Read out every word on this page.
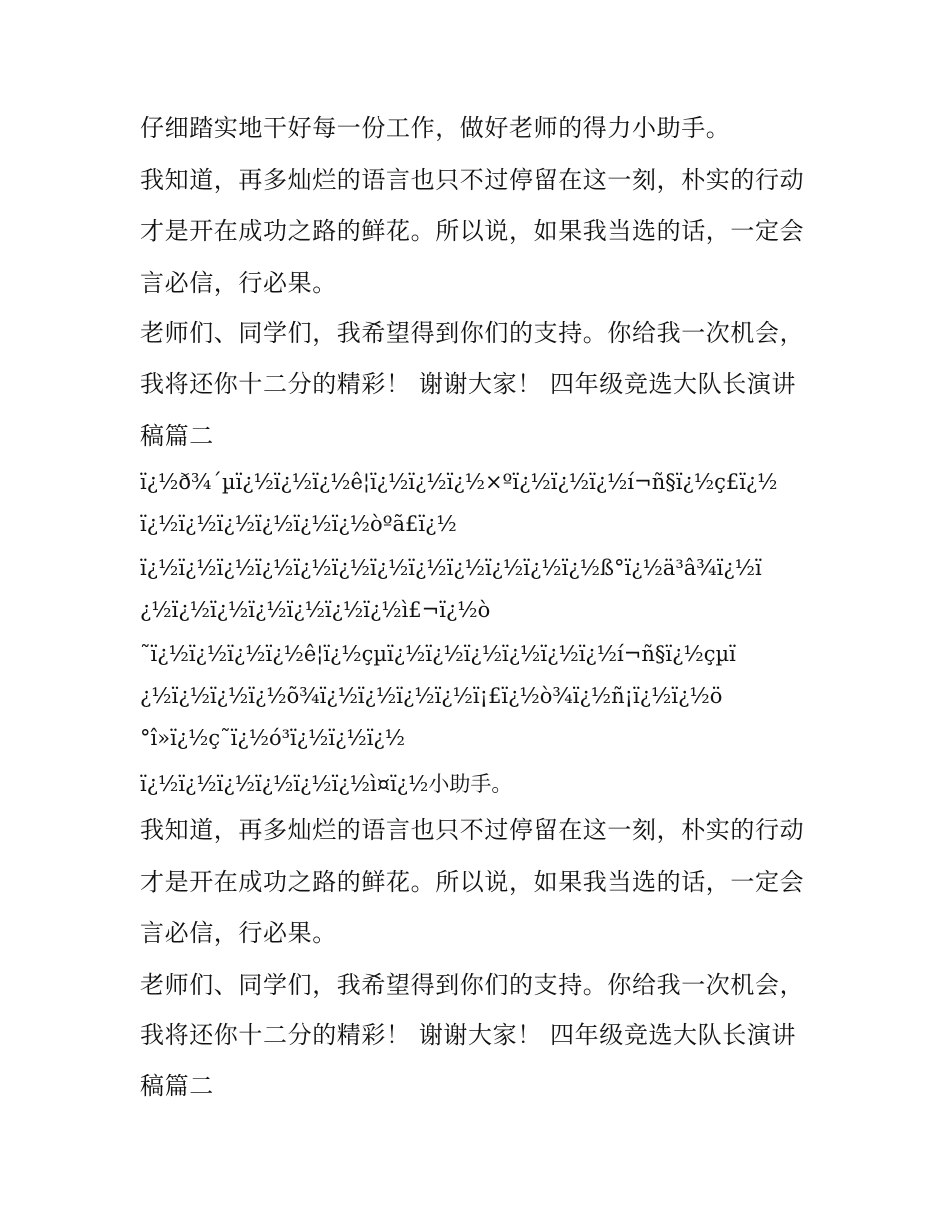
仔细踏实地干好每一份工作，做好老师的得力小助手。
我知道，再多灿烂的语言也只不过停留在这一刻，朴实的行动
才是开在成功之路的鲜花。所以说，如果我当选的话，一定会
言必信，行必果。
老师们、同学们，我希望得到你们的支持。你给我一次机会，
我将还你十二分的精彩！ 谢谢大家！ 四年级竞选大队长演讲
稿篇二
ï¿½ð¾´µï¿½ï¿½ï¿½ê¦ï¿½ï¿½ï¿½×ºï¿½ï¿½ï¿½í¬ñ§ï¿½ç£ï¿½
ï¿½ï¿½ï¿½ï¿½ï¿½ï¿½òºã£ï¿½
ï¿½ï¿½ï¿½ï¿½ï¿½ï¿½ï¿½ï¿½ï¿½ï¿½ï¿½ï¿½ß°ï¿½ä³â¾ï¿½ï
¿½ï¿½ï¿½ï¿½ï¿½ï¿½ï¿½ì£¬ï¿½ò
˜ï¿½ï¿½ï¿½ï¿½ê¦ï¿½çµï¿½ï¿½ï¿½ï¿½ï¿½ï¿½í¬ñ§ï¿½çµï
¿½ï¿½ï¿½ï¿½õ¾ï¿½ï¿½ï¿½ï¿½ï¡£ï¿½ò¾ï¿½ñ¡ï¿½ï¿½ö
°î»ï¿½ç˜ï¿½ó³ï¿½ï¿½ï¿½
ï¿½ï¿½ï¿½ï¿½ï¿½ï¿½ì¤ï¿½小助手。
我知道，再多灿烂的语言也只不过停留在这一刻，朴实的行动
才是开在成功之路的鲜花。所以说，如果我当选的话，一定会
言必信，行必果。
老师们、同学们，我希望得到你们的支持。你给我一次机会，
我将还你十二分的精彩！ 谢谢大家！ 四年级竞选大队长演讲
稿篇二
